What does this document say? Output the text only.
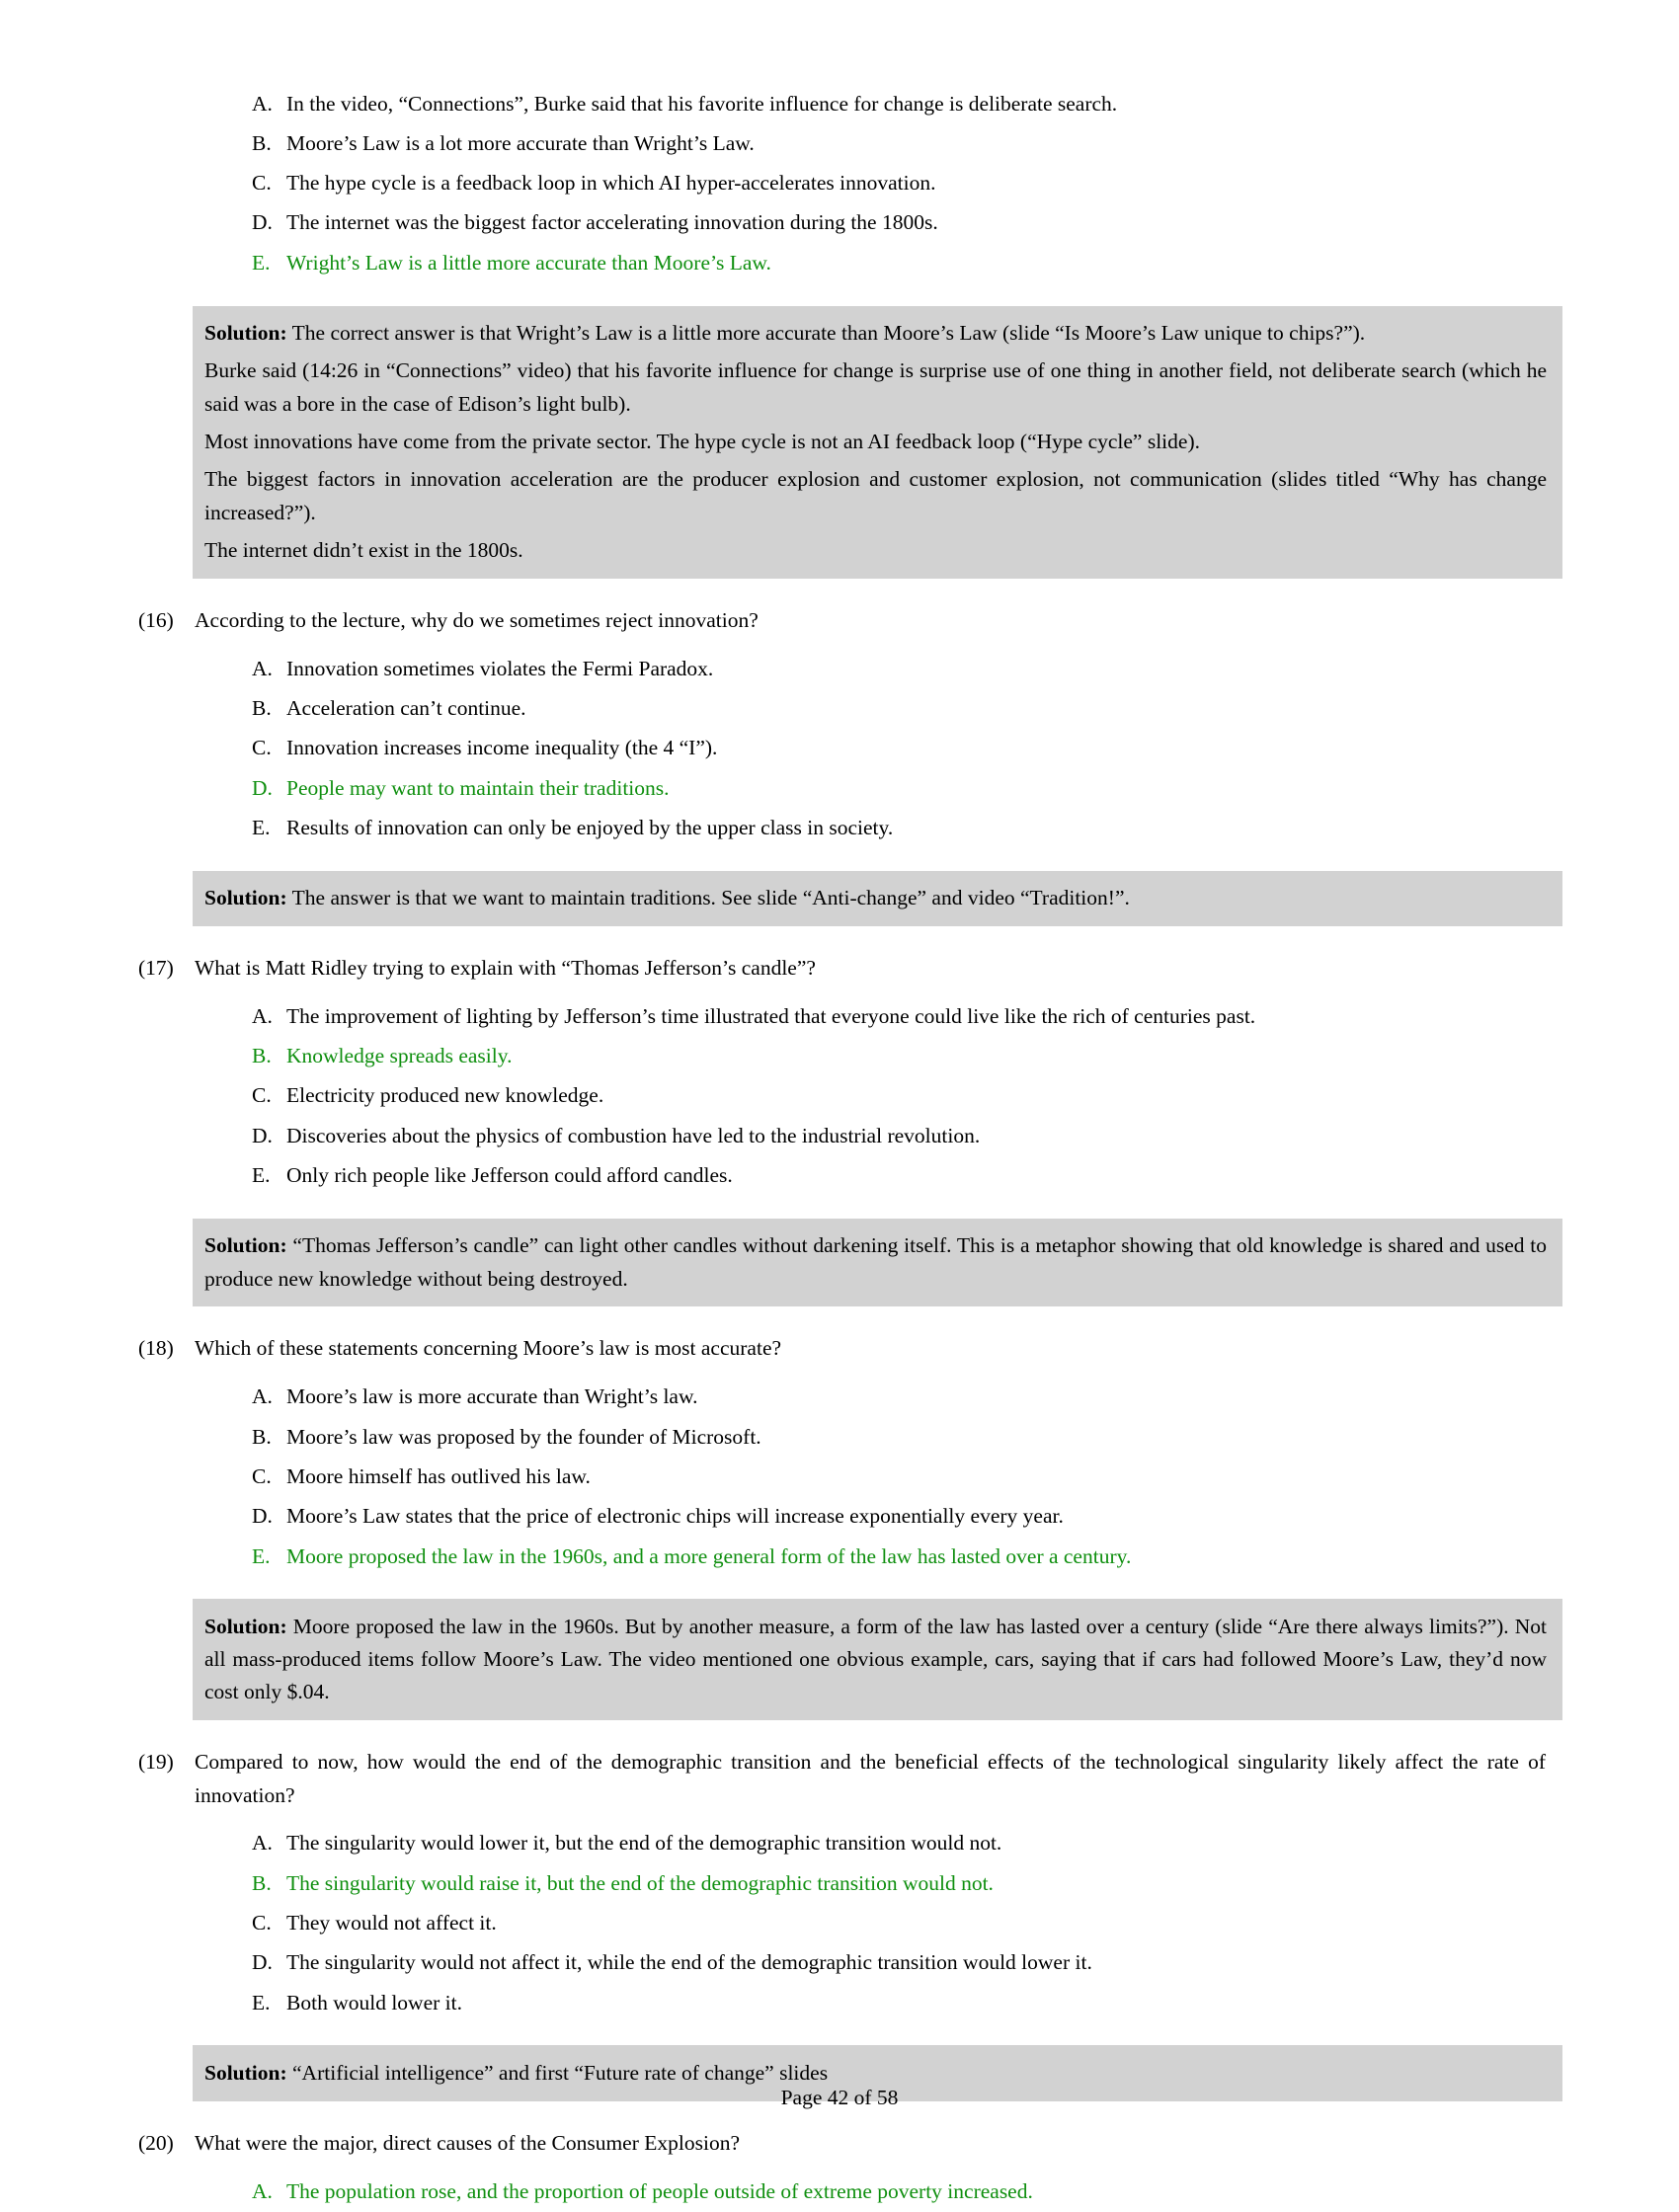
A. In the video, “Connections”, Burke said that his favorite influence for change is deliberate search.
B. Moore’s Law is a lot more accurate than Wright’s Law.
C. The hype cycle is a feedback loop in which AI hyper-accelerates innovation.
D. The internet was the biggest factor accelerating innovation during the 1800s.
E. Wright’s Law is a little more accurate than Moore’s Law.

Solution: The correct answer is that Wright’s Law is a little more accurate than Moore’s Law (slide “Is Moore’s Law unique to chips?”).

Burke said (14:26 in “Connections” video) that his favorite influence for change is surprise use of one thing in another field, not deliberate search (which he said was a bore in the case of Edison’s light bulb).

Most innovations have come from the private sector. The hype cycle is not an AI feedback loop (“Hype cycle” slide).

The biggest factors in innovation acceleration are the producer explosion and customer explosion, not communication (slides titled “Why has change increased?”).

The internet didn’t exist in the 1800s.

(16) According to the lecture, why do we sometimes reject innovation?
A. Innovation sometimes violates the Fermi Paradox.
B. Acceleration can’t continue.
C. Innovation increases income inequality (the 4 “I”).
D. People may want to maintain their traditions.
E. Results of innovation can only be enjoyed by the upper class in society.

Solution: The answer is that we want to maintain traditions. See slide “Anti-change” and video “Tradition!”.

(17) What is Matt Ridley trying to explain with “Thomas Jefferson’s candle”?
A. The improvement of lighting by Jefferson’s time illustrated that everyone could live like the rich of centuries past.
B. Knowledge spreads easily.
C. Electricity produced new knowledge.
D. Discoveries about the physics of combustion have led to the industrial revolution.
E. Only rich people like Jefferson could afford candles.

Solution: “Thomas Jefferson’s candle” can light other candles without darkening itself. This is a metaphor showing that old knowledge is shared and used to produce new knowledge without being destroyed.

(18) Which of these statements concerning Moore’s law is most accurate?
A. Moore’s law is more accurate than Wright’s law.
B. Moore’s law was proposed by the founder of Microsoft.
C. Moore himself has outlived his law.
D. Moore’s Law states that the price of electronic chips will increase exponentially every year.
E. Moore proposed the law in the 1960s, and a more general form of the law has lasted over a century.

Solution: Moore proposed the law in the 1960s. But by another measure, a form of the law has lasted over a century (slide “Are there always limits?”). Not all mass-produced items follow Moore’s Law. The video mentioned one obvious example, cars, saying that if cars had followed Moore’s Law, they’d now cost only $.04.

(19) Compared to now, how would the end of the demographic transition and the beneficial effects of the technological singularity likely affect the rate of innovation?
A. The singularity would lower it, but the end of the demographic transition would not.
B. The singularity would raise it, but the end of the demographic transition would not.
C. They would not affect it.
D. The singularity would not affect it, while the end of the demographic transition would lower it.
E. Both would lower it.

Solution: “Artificial intelligence” and first “Future rate of change” slides

(20) What were the major, direct causes of the Consumer Explosion?
A. The population rose, and the proportion of people outside of extreme poverty increased.
Page 42 of 58
